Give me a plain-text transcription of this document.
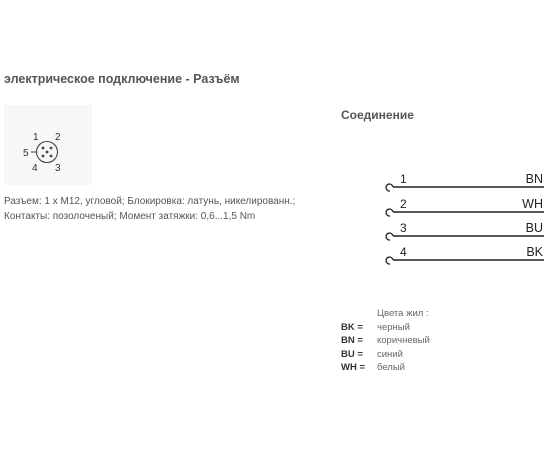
электрическое подключение - Разъём
1 2
3
4
5
Разъем: 1 x M12, угловой; Блокировка: латунь, никелированн.; Контакты: позолоченый; Момент затяжки: 0,6...1,5 Nm
Соединение
1	BN
2	WH
3	BU
4	BK
Цвета жил :
BK =	черный
BN =	коричневый
BU =	синий
WH =	белый
